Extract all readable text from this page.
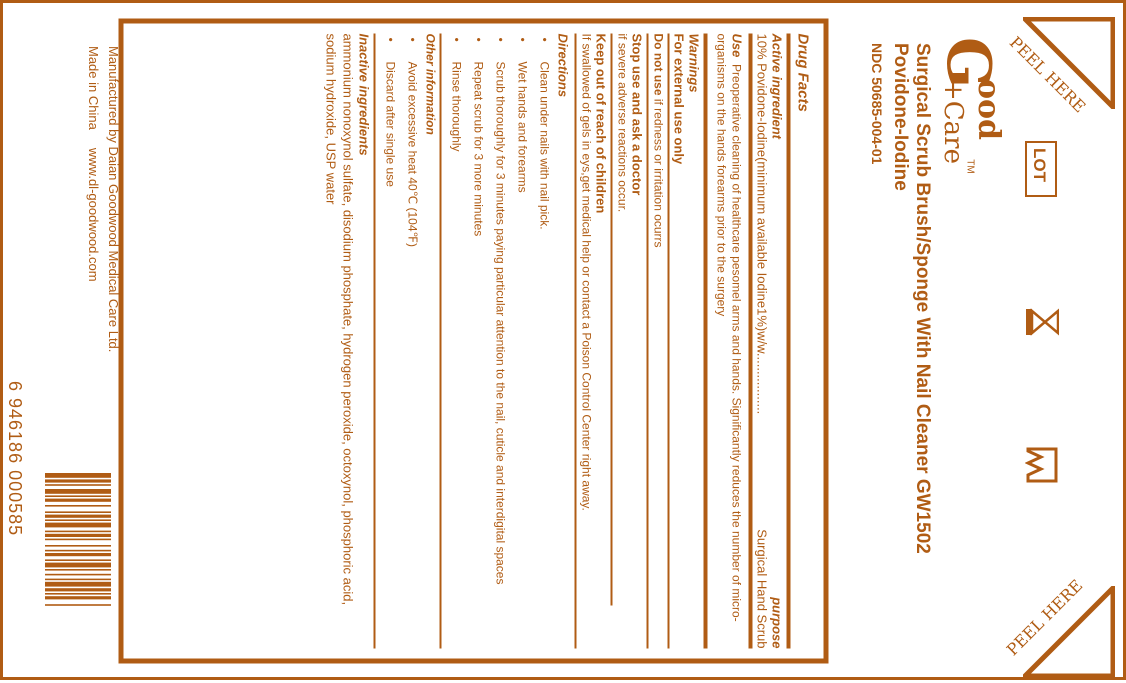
PEEL HERE
PEEL HERE
G
ood
+Care
TM	LOT
Surgical Scrub Brush/Sponge With Nail Cleaner GW1502
Povidone-Iodine
NDC 50685-004-01
Drug Facts
Active ingredient
purpose
10% Povidone-Iodine(minimum available Iodine1%)w/w.................
Surgical Hand Scrub
Use  Preoperative cleaning of healthcare pesomel arms and hands. Significantly reduces the number of micro-organisms on the hands forearms prior to the surgery
Warnings
For external use only
Do not use if redness or irritation ocurrs
Stop use and ask a doctor
if severe adverse reactions occur.
Keep out of reach of children
If swallowed of gels in eys,get medical help or contact a Poison Control Center right away.
Directions
• Clean under nails with nail pick.
• Wet hands and forearms
• Scrub thoroughly for 3 minutes paying particular attention to the nail, cuticle and interdigital spaces
• Repeat scrub for 3 more minutes
• Rinse thoroughly
Other information
• Avoid excessive heat 40℃ (104℉)
• Discard after single use
Inactive ingredients
ammonium nonoxynol sulfate, disodium phosphate, hydrogen peroxide, octoxynol, phosphoric acid, sodium hydroxide, USP water
Manufactured by Daian Goodwood Medical Care Ltd.
Made in China     www.dl-goodwood.com
6 946186 000585
